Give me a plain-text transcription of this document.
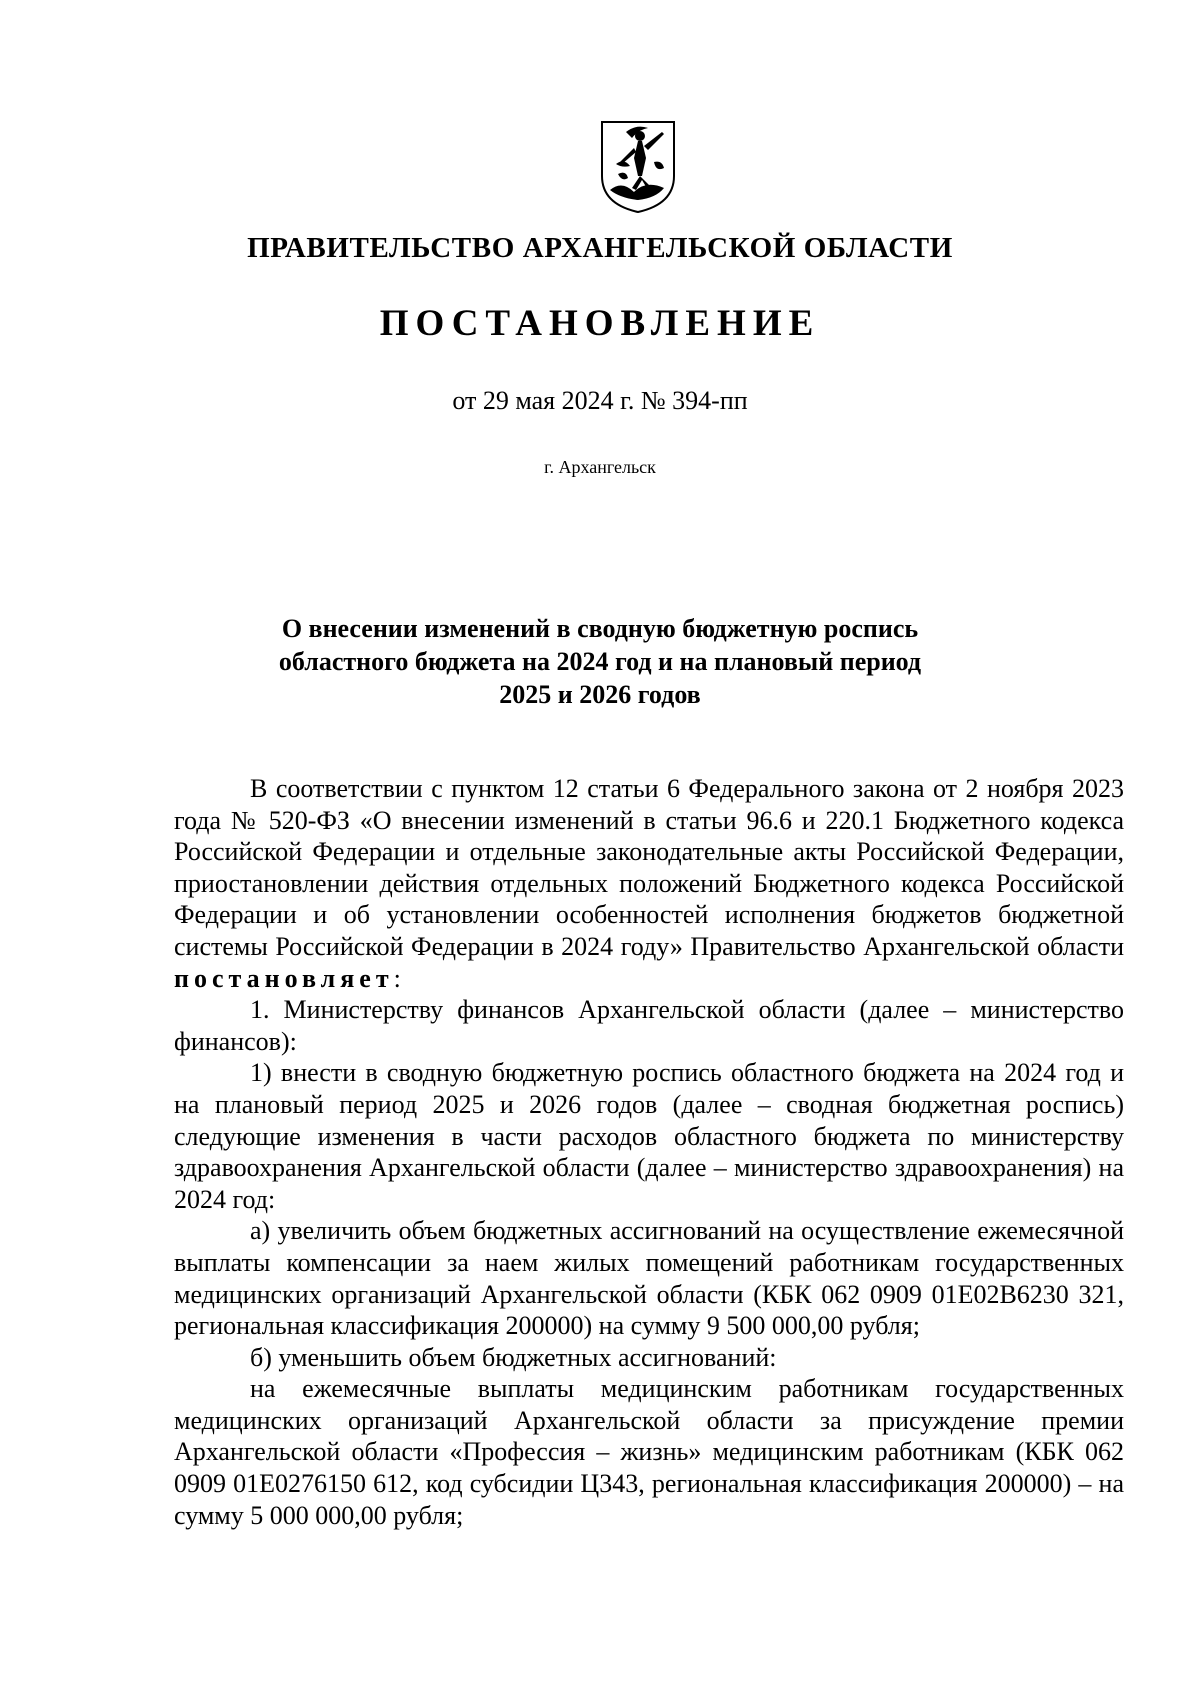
ПРАВИТЕЛЬСТВО АРХАНГЕЛЬСКОЙ ОБЛАСТИ
ПОСТАНОВЛЕНИЕ
от 29 мая 2024 г. № 394-пп
г. Архангельск
О внесении изменений в сводную бюджетную роспись
областного бюджета на 2024 год и на плановый период
2025 и 2026 годов

В соответствии с пунктом 12 статьи 6 Федерального закона от 2 ноября 2023 года № 520-ФЗ «О внесении изменений в статьи 96.6 и 220.1 Бюджетного кодекса Российской Федерации и отдельные законодательные акты Российской Федерации, приостановлении действия отдельных положений Бюджетного кодекса Российской Федерации и об установлении особенностей исполнения бюджетов бюджетной системы Российской Федерации в 2024 году» Правительство Архангельской области постановляет:

1. Министерству финансов Архангельской области (далее – министерство финансов):

1) внести в сводную бюджетную роспись областного бюджета на 2024 год и на плановый период 2025 и 2026 годов (далее – сводная бюджетная роспись) следующие изменения в части расходов областного бюджета по министерству здравоохранения Архангельской области (далее – министерство здравоохранения) на 2024 год:

а) увеличить объем бюджетных ассигнований на осуществление ежемесячной выплаты компенсации за наем жилых помещений работникам государственных медицинских организаций Архангельской области (КБК 062 0909 01Е02В6230 321, региональная классификация 200000) на сумму 9 500 000,00 рубля;

б) уменьшить объем бюджетных ассигнований:

на ежемесячные выплаты медицинским работникам государственных медицинских организаций Архангельской области за присуждение премии Архангельской области «Профессия – жизнь» медицинским работникам (КБК 062 0909 01Е0276150 612, код субсидии Ц343, региональная классификация 200000) – на сумму 5 000 000,00 рубля;
